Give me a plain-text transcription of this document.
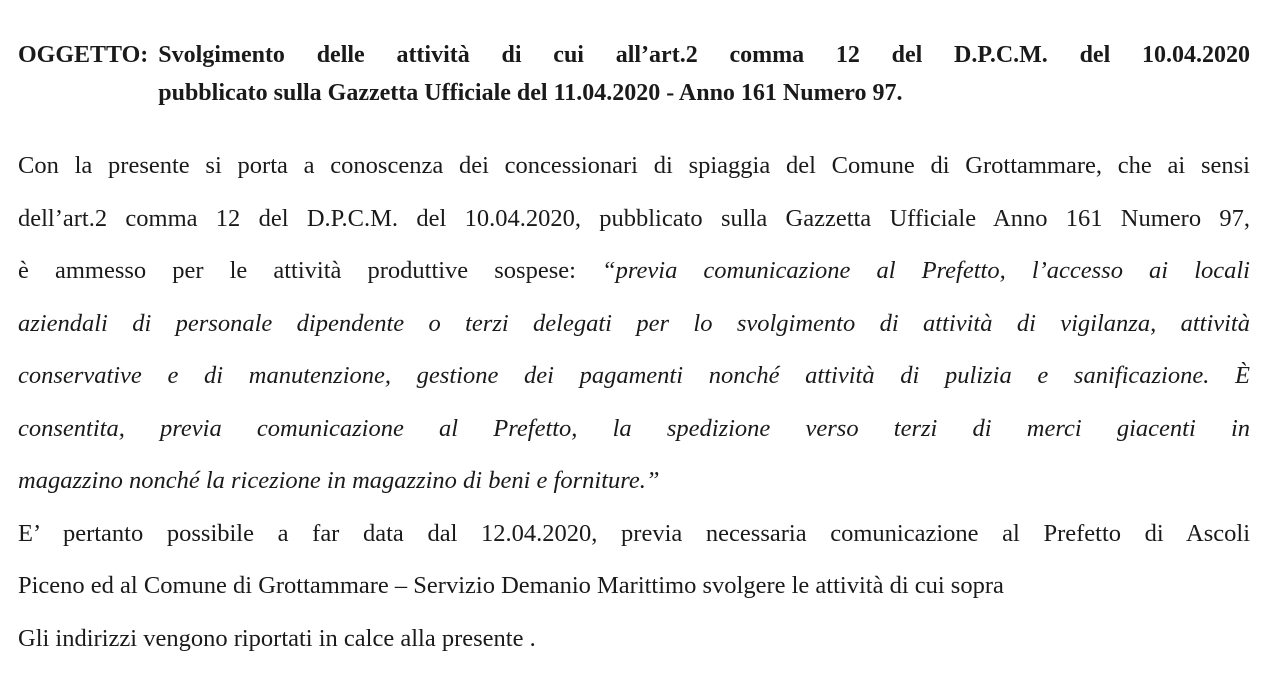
OGGETTO: Svolgimento delle attività di cui all’art.2 comma 12 del D.P.C.M. del 10.04.2020
pubblicato sulla Gazzetta Ufficiale del 11.04.2020 - Anno 161 Numero 97.
Con la presente si porta a conoscenza dei concessionari di spiaggia del Comune di Grottammare, che ai sensi
dell’art.2 comma 12 del D.P.C.M. del 10.04.2020, pubblicato sulla Gazzetta Ufficiale Anno 161 Numero 97,
è ammesso per le attività produttive sospese: “previa comunicazione al Prefetto, l’accesso ai locali
aziendali di personale dipendente o terzi delegati per lo svolgimento di attività di vigilanza, attività
conservative e di manutenzione, gestione dei pagamenti nonché attività di pulizia e sanificazione. È
consentita, previa comunicazione al Prefetto, la spedizione verso terzi di merci giacenti in
magazzino nonché la ricezione in magazzino di beni e forniture.”
E’ pertanto possibile a far data dal 12.04.2020, previa necessaria comunicazione al Prefetto di Ascoli
Piceno ed al Comune di Grottammare – Servizio Demanio Marittimo svolgere le attività di cui sopra
Gli indirizzi vengono riportati in calce alla presente .
